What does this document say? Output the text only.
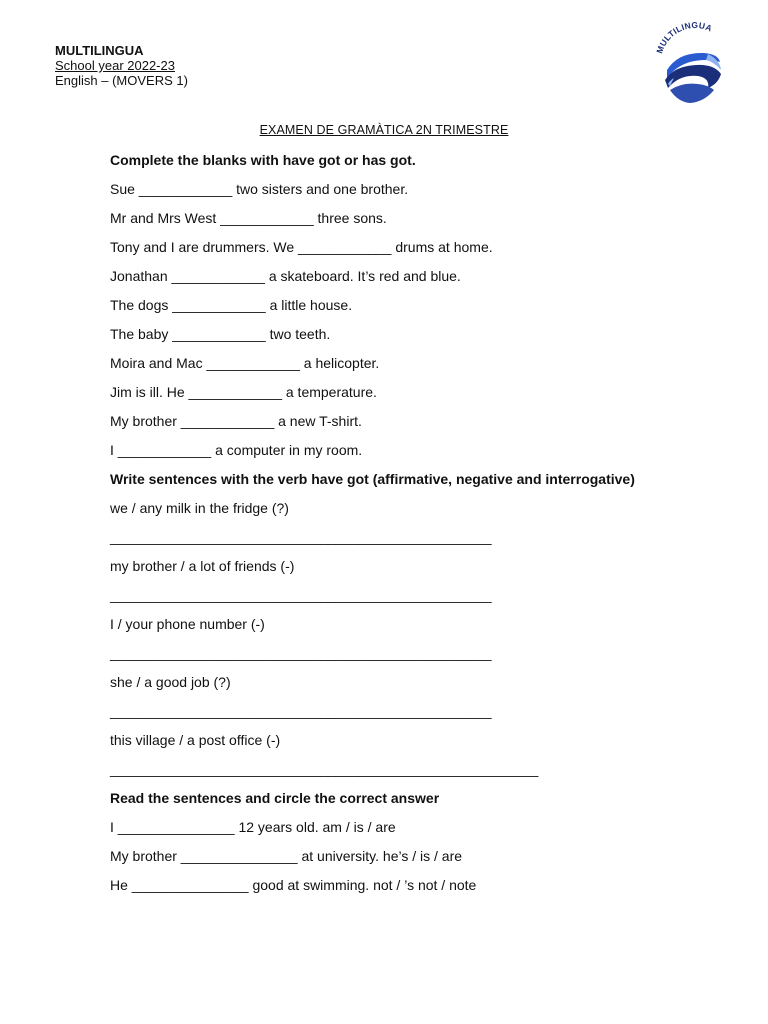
MULTILINGUA
School year 2022-23
English – (MOVERS 1)
MULTILINGUA
EXAMEN DE GRAMÀTICA 2N TRIMESTRE
Complete the blanks with have got or has got.
Sue ____________ two sisters and one brother.
Mr and Mrs West ____________ three sons.
Tony and I are drummers. We ____________ drums at home.
Jonathan ____________ a skateboard. It’s red and blue.
The dogs ____________ a little house.
The baby ____________ two teeth.
Moira and Mac ____________ a helicopter.
Jim is ill. He ____________ a temperature.
My brother ____________ a new T-shirt.
I ____________ a computer in my room.
Write sentences with the verb have got (affirmative, negative and interrogative)
we / any milk in the fridge (?)
_________________________________________________
my brother / a lot of friends (-)
_________________________________________________
I / your phone number (-)
_________________________________________________
she / a good job (?)
_________________________________________________
this village / a post office (-)
_______________________________________________________
Read the sentences and circle the correct answer
I _______________ 12 years old. am / is / are
My brother _______________ at university. he’s / is / are
He _______________ good at swimming. not / ’s not / note
